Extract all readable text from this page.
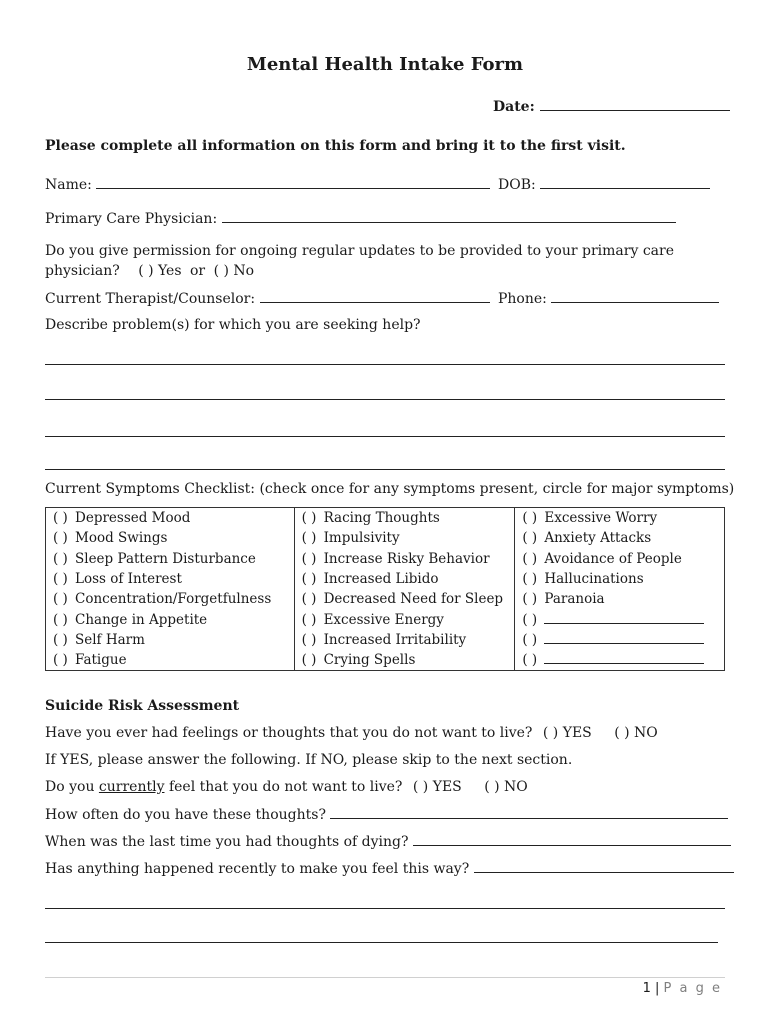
Mental Health Intake Form
Date:
Please complete all information on this form and bring it to the first visit.
Name:	DOB:
Primary Care Physician:
Do you give permission for ongoing regular updates to be provided to your primary care
physician? ( ) Yes or ( ) No
Current Therapist/Counselor:	Phone:
Describe problem(s) for which you are seeking help?
Current Symptoms Checklist: (check once for any symptoms present, circle for major symptoms)
( ) Depressed Mood	( ) Racing Thoughts	( ) Excessive Worry
( ) Mood Swings	( ) Impulsivity	( ) Anxiety Attacks
( ) Sleep Pattern Disturbance	( ) Increase Risky Behavior	( ) Avoidance of People
( ) Loss of Interest	( ) Increased Libido	( ) Hallucinations
( ) Concentration/Forgetfulness	( ) Decreased Need for Sleep	( ) Paranoia
( ) Change in Appetite	( ) Excessive Energy	( )
( ) Self Harm	( ) Increased Irritability	( )
( ) Fatigue	( ) Crying Spells	( )
Suicide Risk Assessment
Have you ever had feelings or thoughts that you do not want to live? ( ) YES ( ) NO
If YES, please answer the following. If NO, please skip to the next section.
Do you currently feel that you do not want to live? ( ) YES ( ) NO
How often do you have these thoughts?
When was the last time you had thoughts of dying?
Has anything happened recently to make you feel this way?
1 | P a g e
